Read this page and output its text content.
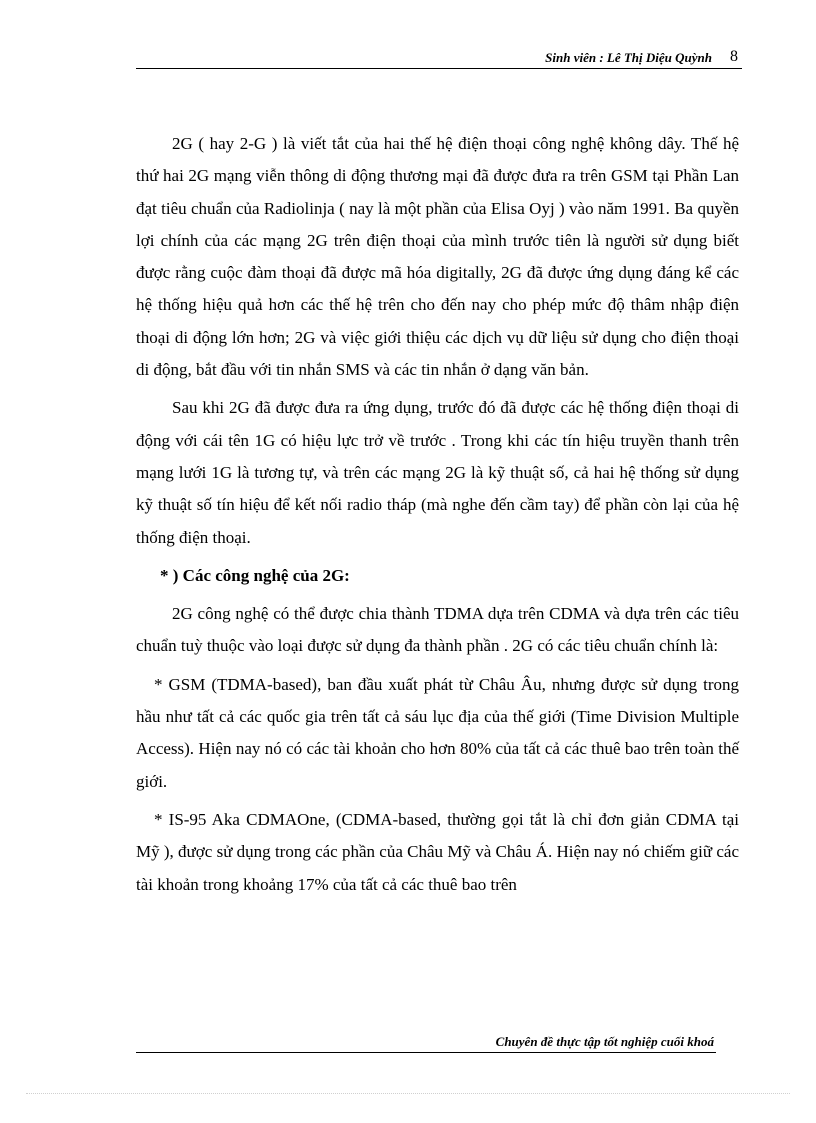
Sinh viên : Lê Thị Diệu Quỳnh 8

2G ( hay 2-G ) là viết tắt của hai thế hệ điện thoại công nghệ không dây. Thế hệ thứ hai 2G mạng viễn thông di động thương mại đã được đưa ra trên GSM tại Phần Lan đạt tiêu chuẩn của Radiolinja ( nay là một phần của Elisa Oyj ) vào năm 1991. Ba quyền lợi chính của các mạng 2G trên điện thoại của mình trước tiên là người sử dụng biết được rằng cuộc đàm thoại đã được mã hóa digitally, 2G đã được ứng dụng đáng kể các hệ thống hiệu quả hơn các thế hệ trên cho đến nay cho phép mức độ thâm nhập điện thoại di động lớn hơn; 2G và việc giới thiệu các dịch vụ dữ liệu sử dụng cho điện thoại di động, bắt đầu với tin nhắn SMS và các tin nhắn ở dạng văn bản.

Sau khi 2G đã được đưa ra ứng dụng, trước đó đã được các hệ thống điện thoại di động với cái tên 1G có hiệu lực trở về trước . Trong khi các tín hiệu truyền thanh trên mạng lưới 1G là tương tự, và trên các mạng 2G là kỹ thuật số, cả hai hệ thống sử dụng kỹ thuật số tín hiệu để kết nối radio tháp (mà nghe đến cầm tay) để phần còn lại của hệ thống điện thoại.

* ) Các công nghệ của 2G:

2G công nghệ có thể được chia thành TDMA dựa trên CDMA và dựa trên các tiêu chuẩn tuỳ thuộc vào loại được sử dụng đa thành phần . 2G có các tiêu chuẩn chính là:

* GSM (TDMA-based), ban đầu xuất phát từ Châu Âu, nhưng được sử dụng trong hầu như tất cả các quốc gia trên tất cả sáu lục địa của thế giới (Time Division Multiple Access). Hiện nay nó có các tài khoản cho hơn 80% của tất cả các thuê bao trên toàn thế giới.

* IS-95 Aka CDMAOne, (CDMA-based, thường gọi tắt là chỉ đơn giản CDMA tại Mỹ ), được sử dụng trong các phần của Châu Mỹ và Châu Á. Hiện nay nó chiếm giữ các tài khoản trong khoảng 17% của tất cả các thuê bao trên

Chuyên đề thực tập tốt nghiệp cuối khoá
